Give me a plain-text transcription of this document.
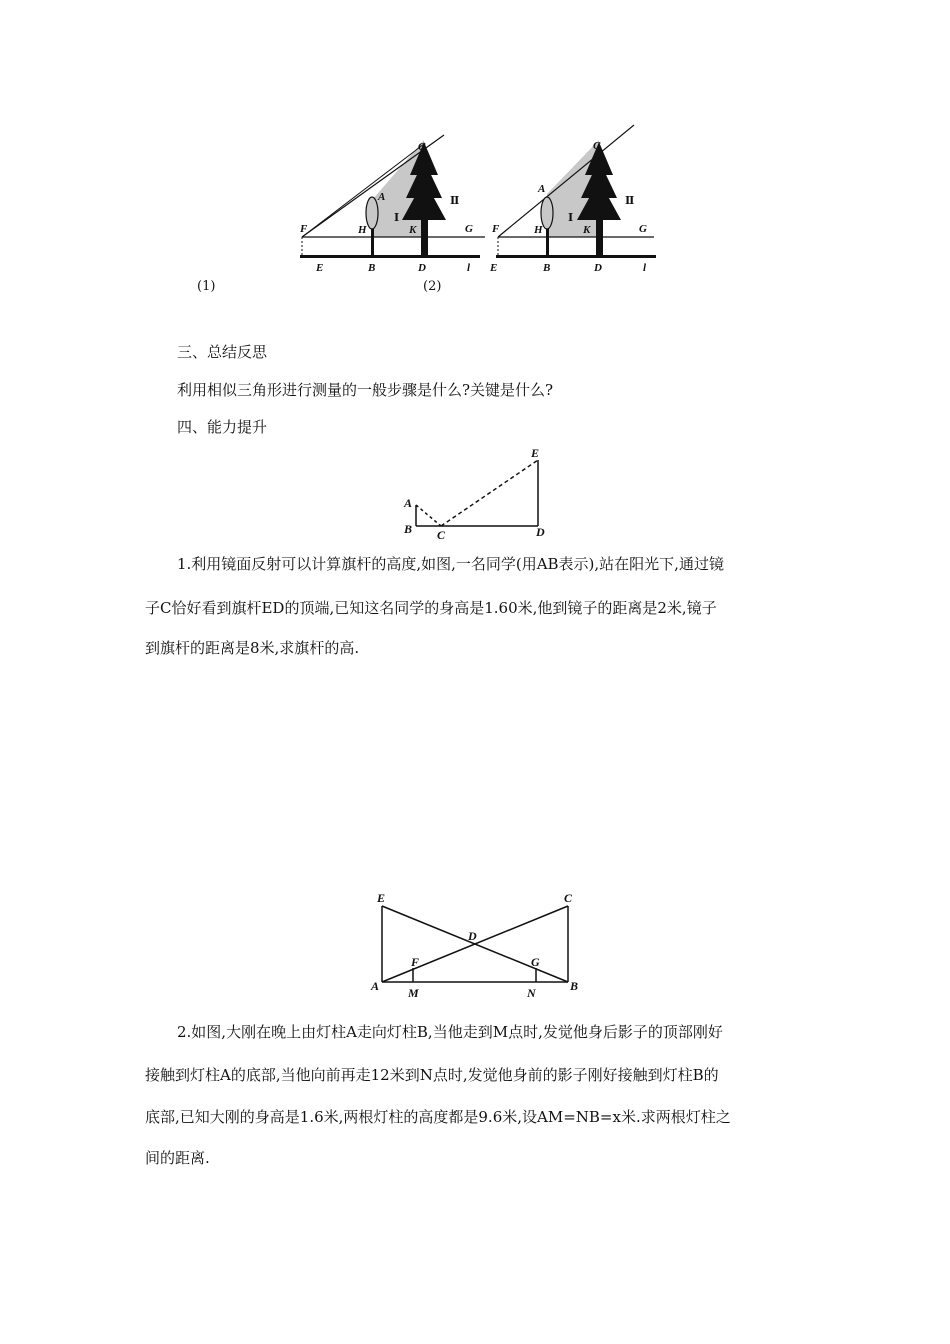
C
A
Ⅰ
Ⅱ
F	H	K	G
E	B	D	l
C
A
Ⅰ
Ⅱ
F	H	K	G
E	B	D	l
(1)	(2)
三、总结反思
利用相似三角形进行测量的一般步骤是什么?关键是什么?
四、能力提升
E
A
B C	D
1.利用镜面反射可以计算旗杆的高度,如图,一名同学(用AB表示),站在阳光下,通过镜
子C恰好看到旗杆ED的顶端,已知这名同学的身高是1.60米,他到镜子的距离是2米,镜子
到旗杆的距离是8米,求旗杆的高.
E	C
D
F	G
A M	N	B
2.如图,大刚在晚上由灯柱A走向灯柱B,当他走到M点时,发觉他身后影子的顶部刚好
接触到灯柱A的底部,当他向前再走12米到N点时,发觉他身前的影子刚好接触到灯柱B的
底部,已知大刚的身高是1.6米,两根灯柱的高度都是9.6米,设AM=NB=x米.求两根灯柱之
间的距离.
